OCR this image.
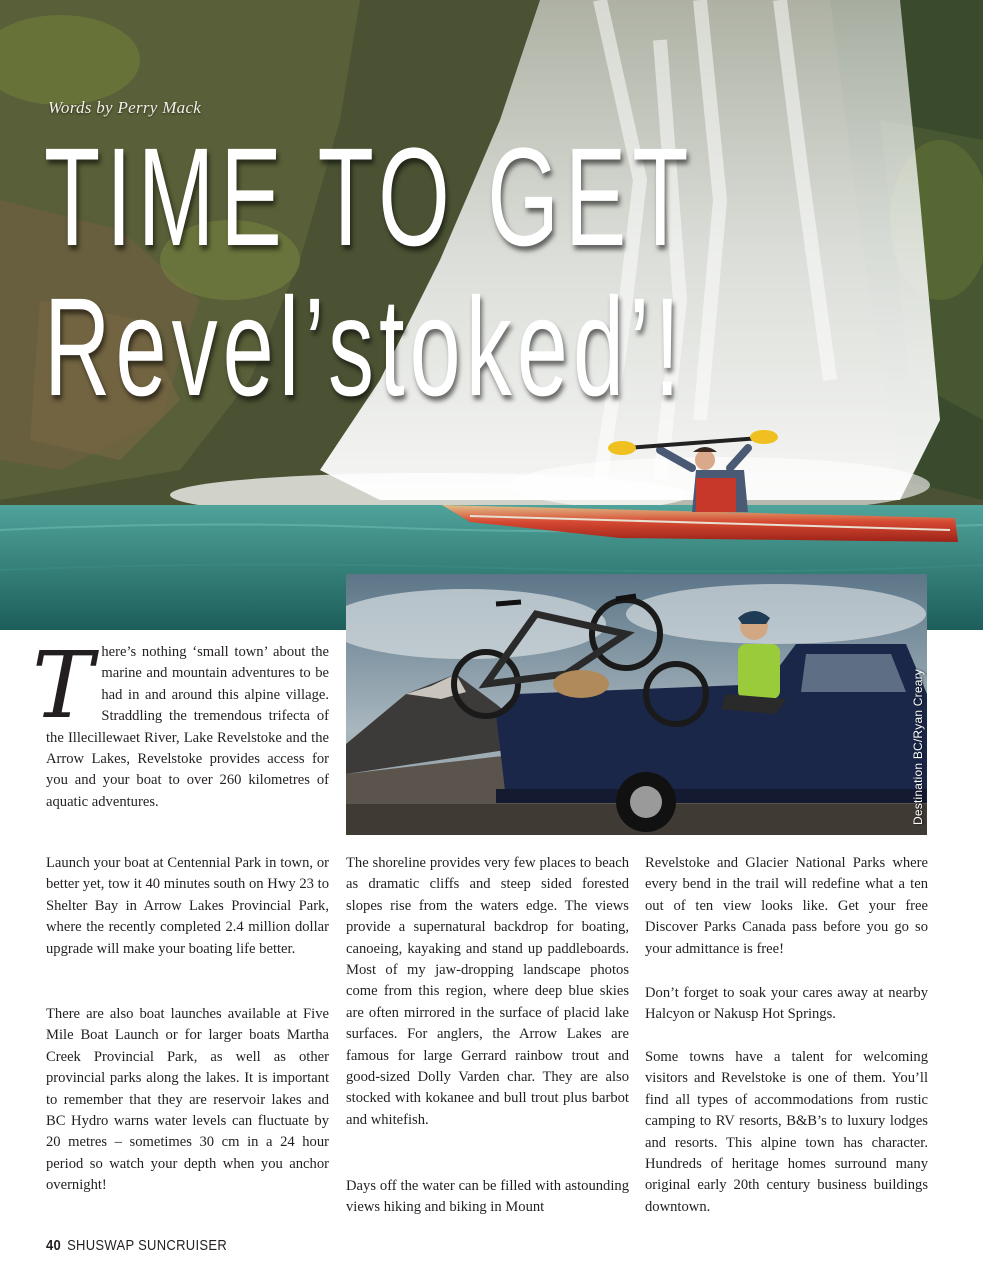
Words by Perry Mack
TIME TO GET
Revel’stoked’!
Destination BC/Ryan Creary

There’s nothing ‘small town’ about the marine and mountain adventures to be had in and around this alpine village. Straddling the tremendous trifecta of the Illecillewaet River, Lake Revelstoke and the Arrow Lakes, Revelstoke provides access for you and your boat to over 260 kilometres of aquatic adventures.

Launch your boat at Centennial Park in town, or better yet, tow it 40 minutes south on Hwy 23 to Shelter Bay in Arrow Lakes Provincial Park, where the recently completed 2.4 million dollar upgrade will make your boating life better.

There are also boat launches available at Five Mile Boat Launch or for larger boats Martha Creek Provincial Park, as well as other provincial parks along the lakes. It is important to remember that they are reservoir lakes and BC Hydro warns water levels can fluctuate by 20 metres – sometimes 30 cm in a 24 hour period so watch your depth when you anchor overnight!

The shoreline provides very few places to beach as dramatic cliffs and steep sided forested slopes rise from the waters edge. The views provide a supernatural backdrop for boating, canoeing, kayaking and stand up paddleboards. Most of my jaw-dropping landscape photos come from this region, where deep blue skies are often mirrored in the surface of placid lake surfaces. For anglers, the Arrow Lakes are famous for large Gerrard rainbow trout and good-sized Dolly Varden char. They are also stocked with kokanee and bull trout plus barbot and whitefish.

Days off the water can be filled with astounding views hiking and biking in Mount

Revelstoke and Glacier National Parks where every bend in the trail will redefine what a ten out of ten view looks like. Get your free Discover Parks Canada pass before you go so your admittance is free!

Don’t forget to soak your cares away at nearby Halcyon or Nakusp Hot Springs.

Some towns have a talent for welcoming visitors and Revelstoke is one of them. You’ll find all types of accommodations from rustic camping to RV resorts, B&B’s to luxury lodges and resorts. This alpine town has character. Hundreds of heritage homes surround many original early 20th century business buildings downtown.

40 SHUSWAP SUNCRUISER
